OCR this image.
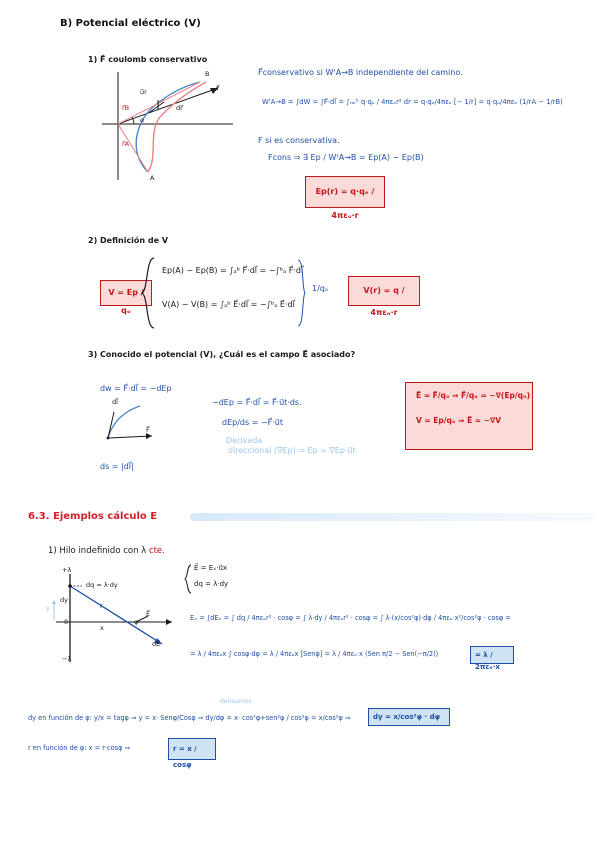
B) Potencial eléctrico (V)
1) F⃗ coulomb conservativo
B
A
r⃗
α
r⃗B
r⃗A
dr⃗
u⃗r
F⃗conservativo si WᶠA→B independiente del camino.
WᶠA→B = ∫dW = ∫F⃗·dl⃗ = ∫ᵣₐᵣᵇ q·qₒ / 4πεₒr² dr = q·qₒ/4πεₒ [− 1/r] = q·qₒ/4πεₒ (1/rA − 1/rB)
F si es conservativa.
Fcons ⇒ ∃ Ep / WᶠA→B = Ep(A) − Ep(B)
Ep(r) = q·qₒ / 4πεₒ·r
2) Definición de V
V = Ep / qₒ
Ep(A) − Ep(B) = ∫ₐᵇ F⃗·dl⃗ = −∫ᵇₐ F⃗·dl⃗
V(A) − V(B) = ∫ₐᵇ E⃗·dl⃗ = −∫ᵇₐ E⃗·dl⃗
1/qₒ	V(r) = q / 4πεₒ·r
3) Conocido el potencial (V), ¿Cuál es el campo E⃗ asociado?
dw = F⃗·dl⃗ = −dEp
dl⃗
F⃗
ds = |dl⃗|
−dEp = F⃗·dl⃗ = F⃗·u⃗t·ds.
dEp/ds = −F⃗·u⃗t
Derivada
direccional (∇Ep) ⇒ Ep = ∇Ep·u⃗t
E⃗ = F⃗/qₒ ⇒ F⃗/qₒ = −∇(Ep/qₒ)
V = Ep/qₒ ⇒ E⃗ = −∇V
6.3. Ejemplos cálculo E
1) Hilo indefinido con λ cte.
+λ
dy
dq = λ·dy
y	r
x
φ
E⃗
dE⃗
0
−λ
E⃗ = Eₓ·u⃗x
dq = λ·dy
Eₓ = ∫dEₓ = ∫ dq / 4πεₒr² · cosφ = ∫ λ·dy / 4πεₒr² · cosφ = ∫ λ·(x/cos²φ)·dφ / 4πεₒ·x²/cos²φ · cosφ =
= λ / 4πεₒx ∫ cosφ·dφ = λ / 4πεₒx [Senφ] = λ / 4πεₒ·x (Sen π/2 − Sen(−π/2))	= λ / 2πεₒ·x
derivamos
dy en función de φ: y/x = tagφ ⇒ y = x· Senφ/Cosφ ⇒ dy/dφ = x· cos²φ+sen²φ / cos²φ = x/cos²φ ⇒	dy = x/cos²φ · dφ
r en función de φ: x = r·cosφ ⇒	r = x / cosφ
